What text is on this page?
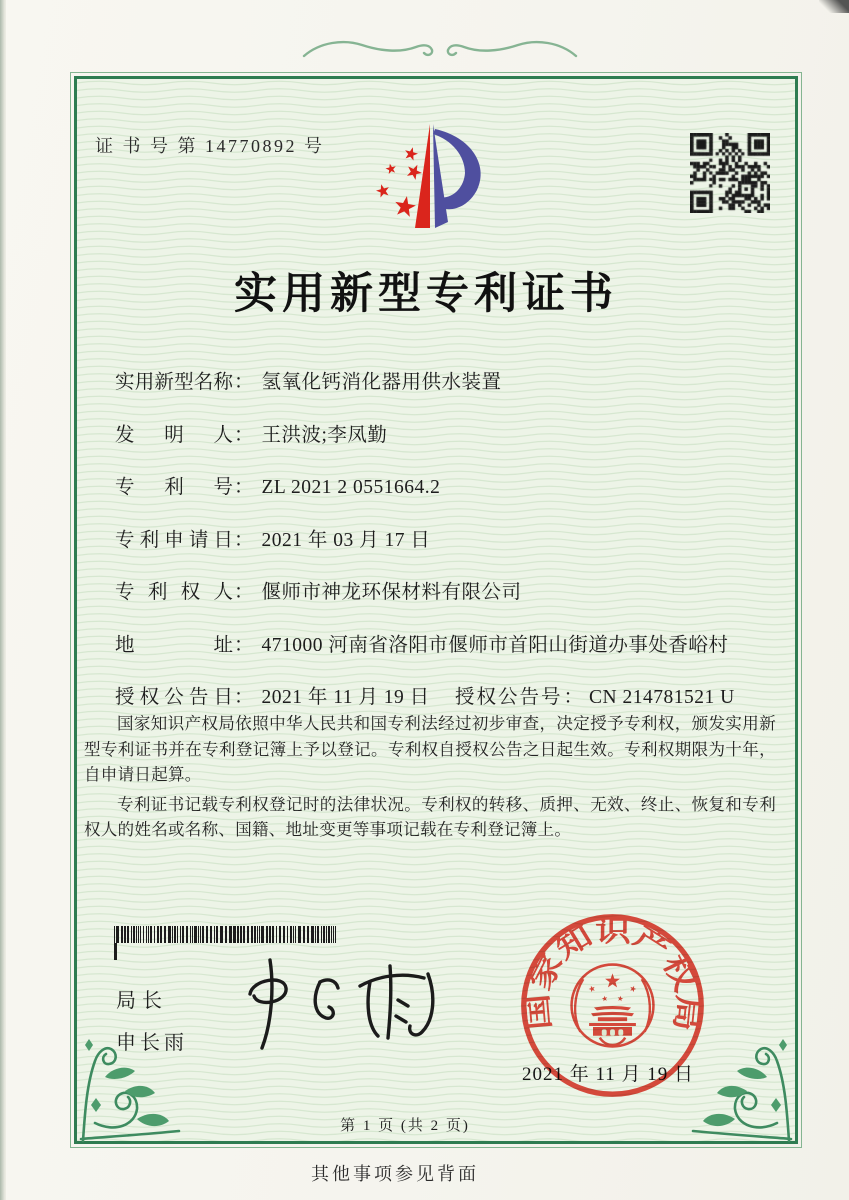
证 书 号 第 14770892 号
实用新型专利证书
实用新型名称： 氢氧化钙消化器用供水装置
发明人： 王洪波;李凤勤
专利号： ZL 2021 2 0551664.2
专利申请日： 2021 年 03 月 17 日
专利权人： 偃师市神龙环保材料有限公司
地址： 471000 河南省洛阳市偃师市首阳山街道办事处香峪村
授权公告日： 2021 年 11 月 19 日 授权公告号： CN 214781521 U

国家知识产权局依照中华人民共和国专利法经过初步审查，决定授予专利权，颁发实用新型专利证书并在专利登记簿上予以登记。专利权自授权公告之日起生效。专利权期限为十年，自申请日起算。

专利证书记载专利权登记时的法律状况。专利权的转移、质押、无效、终止、恢复和专利权人的姓名或名称、国籍、地址变更等事项记载在专利登记簿上。

局长
申长雨
2021 年 11 月 19 日
国家知识产权局
第 1 页 (共 2 页)
其他事项参见背面
